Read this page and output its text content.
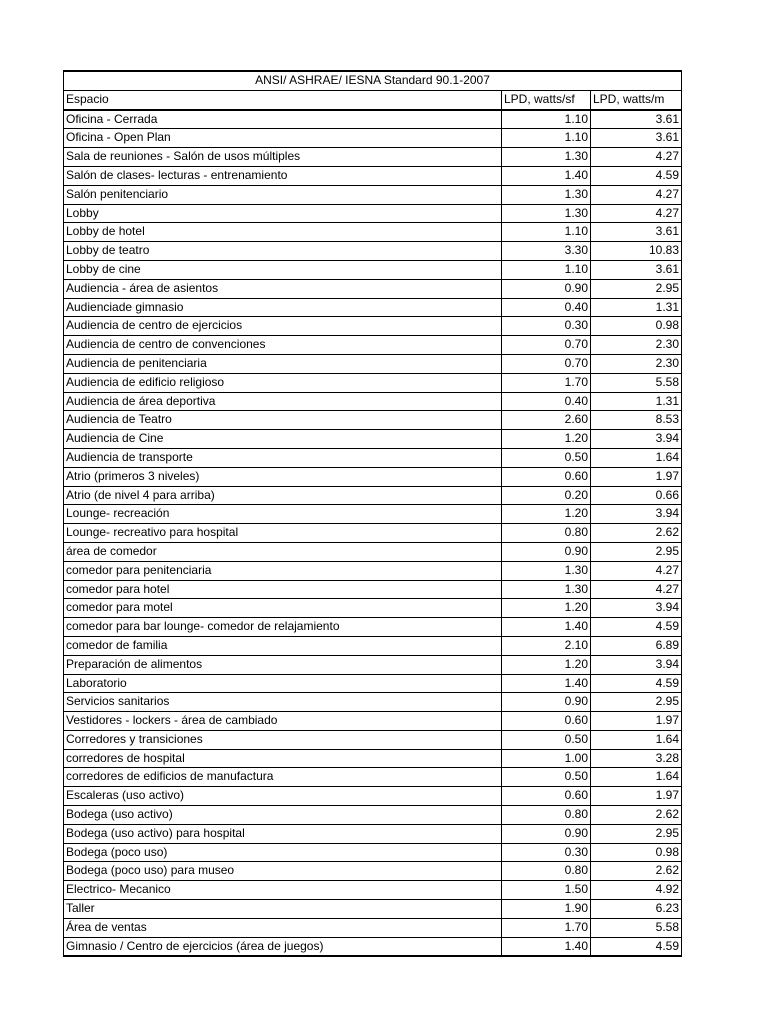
ANSI/ ASHRAE/ IESNA Standard 90.1-2007		
Espacio	LPD, watts/sf	LPD, watts/m
Oficina - Cerrada	1.10	3.61
Oficina - Open Plan	1.10	3.61
Sala de reuniones - Salón de usos múltiples	1.30	4.27
Salón de clases- lecturas - entrenamiento	1.40	4.59
Salón penitenciario	1.30	4.27
Lobby	1.30	4.27
Lobby de hotel	1.10	3.61
Lobby de teatro	3.30	10.83
Lobby de cine	1.10	3.61
Audiencia - área de asientos	0.90	2.95
Audienciade gimnasio	0.40	1.31
Audiencia de centro de ejercicios	0.30	0.98
Audiencia de centro de convenciones	0.70	2.30
Audiencia de penitenciaria	0.70	2.30
Audiencia de edificio religioso	1.70	5.58
Audiencia de área deportiva	0.40	1.31
Audiencia de Teatro	2.60	8.53
Audiencia de Cine	1.20	3.94
Audiencia de transporte	0.50	1.64
Atrio (primeros 3 niveles)	0.60	1.97
Atrio (de nivel 4 para arriba)	0.20	0.66
Lounge- recreación	1.20	3.94
Lounge- recreativo para hospital	0.80	2.62
área de comedor	0.90	2.95
comedor para penitenciaria	1.30	4.27
comedor para hotel	1.30	4.27
comedor para motel	1.20	3.94
comedor para bar lounge- comedor de relajamiento	1.40	4.59
comedor de familia	2.10	6.89
Preparación de alimentos	1.20	3.94
Laboratorio	1.40	4.59
Servicios sanitarios	0.90	2.95
Vestidores - lockers - área de cambiado	0.60	1.97
Corredores y transiciones	0.50	1.64
corredores de hospital	1.00	3.28
corredores de edificios de manufactura	0.50	1.64
Escaleras (uso activo)	0.60	1.97
Bodega (uso activo)	0.80	2.62
Bodega (uso activo) para hospital	0.90	2.95
Bodega (poco uso)	0.30	0.98
Bodega (poco uso) para museo	0.80	2.62
Electrico- Mecanico	1.50	4.92
Taller	1.90	6.23
Área de ventas	1.70	5.58
Gimnasio / Centro de ejercicios (área de juegos)	1.40	4.59
